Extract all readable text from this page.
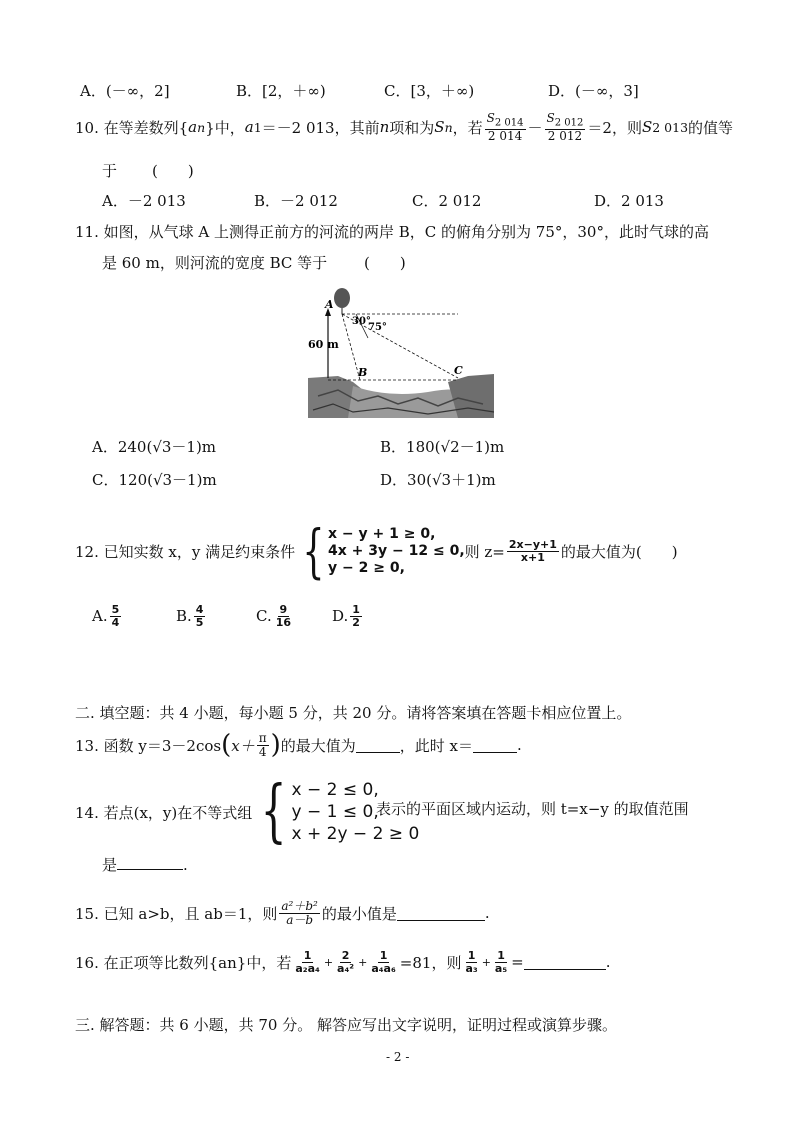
A．(－∞，2]	B．[2，＋∞)	C．[3，＋∞)	D．(－∞，3]
10. 在等差数列{ a n }中， a 1 ＝－2 013，其前 n 项和为 S n ，若 $\frac{S_{2 014}}{2 014} - \frac{S_{2 012}}{2 012} =2$，则 S 2 013 的值等
于 (　　)
A．－2 013	B．－2 012	C．2 012	D．2 013
11. 如图，从气球 A 上测得正前方的河流的两岸 B，C 的俯角分别为 75°，30°，此时气球的高
是 60 m，则河流的宽度 BC 等于 (　　)
A
30°
75°
60 m
B	C
A．240(√3－1)m	B．180(√2－1)m
C．120(√3－1)m	D．30(√3＋1)m
12. 已知实数 x，y 满足约束条件 { x − y + 1 ≥ 0,
4x + 3y − 12 ≤ 0,
y − 2 ≥ 0,
则 $z= \frac{2x-y+1}{x+1}$ 的最大值为(　　)
A. $\frac{5}{4}$	B. $\frac{4}{5}$	C. $\frac{9}{16}$	D. $\frac{1}{2}$
二. 填空题：共 4 小题，每小题 5 分，共 20 分。请将答案填在答题卡相应位置上。
13. 函数 y＝3－2cos ( $x+ \frac{\pi}{4}$ ) 的最大值为	，此时 x＝	.
14. 若点(x，y)在不等式组 { x − 2 ≤ 0,
y − 1 ≤ 0,
x + 2y − 2 ≥ 0
表示的平面区域内运动，则 t=x−y 的取值范围
是	.
15. 已知 a>b，且 ab＝1，则 $\frac{\text{a²＋b²}}{a-b}$ 的最小值是	.
16. 在正项等比数列{an}中，若 $\frac{1}{\text{a₂a₄}} + \frac{2}{\text{a₄²}} + \frac{1}{\text{a₄a₆}} =81$，则 $\frac{1}{\text{a₃}} + \frac{1}{\text{a₅}}$ =	.
三. 解答题：共 6 小题，共 70 分。 解答应写出文字说明，证明过程或演算步骤。
- 2 -
